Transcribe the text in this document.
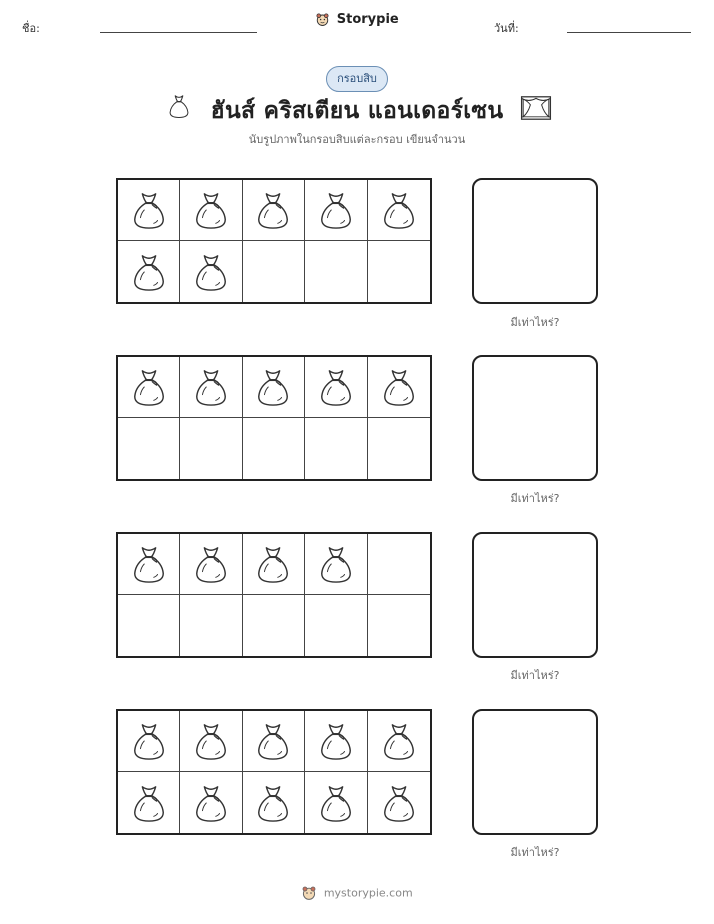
ชื่อ:
Storypie
วันที่:
กรอบสิบ
ฮันส์ คริสเตียน แอนเดอร์เซน
นับรูปภาพในกรอบสิบแต่ละกรอบ เขียนจำนวน
มีเท่าไหร่?
มีเท่าไหร่?
มีเท่าไหร่?
มีเท่าไหร่?
mystorypie.com
